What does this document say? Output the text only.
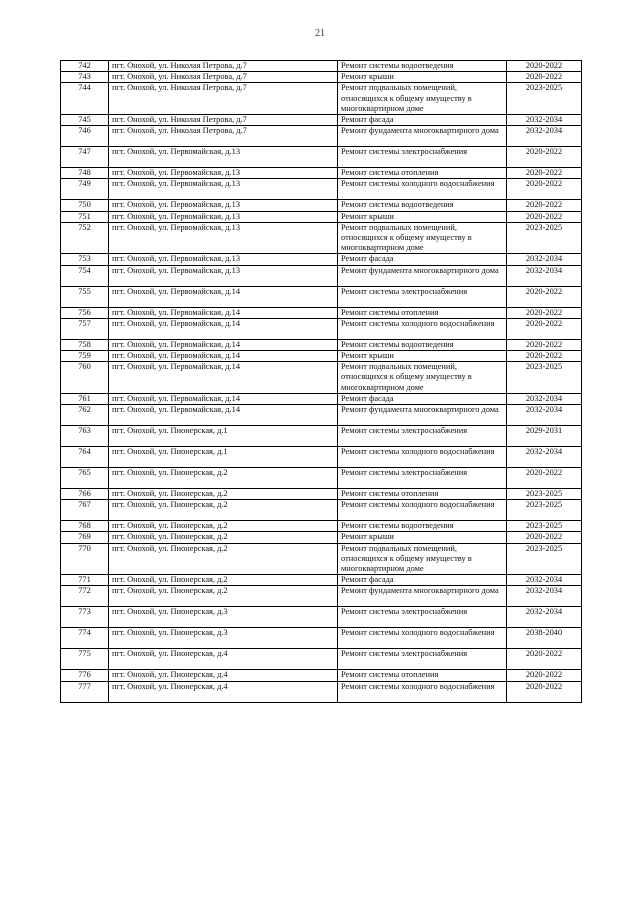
21
742	пгт. Онохой, ул. Николая Петрова, д.7	Ремонт системы водоотведения	2020-2022
743	пгт. Онохой, ул. Николая Петрова, д.7	Ремонт крыши	2020-2022
744	пгт. Онохой, ул. Николая Петрова, д.7	Ремонт подвальных помещений, относящихся к общему имуществу в многоквартирном доме	2023-2025
745	пгт. Онохой, ул. Николая Петрова, д.7	Ремонт фасада	2032-2034
746	пгт. Онохой, ул. Николая Петрова, д.7	Ремонт фундамента многоквартирного дома	2032-2034
747	пгт. Онохой, ул. Первомайская, д.13	Ремонт системы электроснабжения	2020-2022
748	пгт. Онохой, ул. Первомайская, д.13	Ремонт системы отопления	2020-2022
749	пгт. Онохой, ул. Первомайская, д.13	Ремонт системы холодного водоснабжения	2020-2022
750	пгт. Онохой, ул. Первомайская, д.13	Ремонт системы водоотведения	2020-2022
751	пгт. Онохой, ул. Первомайская, д.13	Ремонт крыши	2020-2022
752	пгт. Онохой, ул. Первомайская, д.13	Ремонт подвальных помещений, относящихся к общему имуществу в многоквартирном доме	2023-2025
753	пгт. Онохой, ул. Первомайская, д.13	Ремонт фасада	2032-2034
754	пгт. Онохой, ул. Первомайская, д.13	Ремонт фундамента многоквартирного дома	2032-2034
755	пгт. Онохой, ул. Первомайская, д.14	Ремонт системы электроснабжения	2020-2022
756	пгт. Онохой, ул. Первомайская, д.14	Ремонт системы отопления	2020-2022
757	пгт. Онохой, ул. Первомайская, д.14	Ремонт системы холодного водоснабжения	2020-2022
758	пгт. Онохой, ул. Первомайская, д.14	Ремонт системы водоотведения	2020-2022
759	пгт. Онохой, ул. Первомайская, д.14	Ремонт крыши	2020-2022
760	пгт. Онохой, ул. Первомайская, д.14	Ремонт подвальных помещений, относящихся к общему имуществу в многоквартирном доме	2023-2025
761	пгт. Онохой, ул. Первомайская, д.14	Ремонт фасада	2032-2034
762	пгт. Онохой, ул. Первомайская, д.14	Ремонт фундамента многоквартирного дома	2032-2034
763	пгт. Онохой, ул. Пионерская, д.1	Ремонт системы электроснабжения	2029-2031
764	пгт. Онохой, ул. Пионерская, д.1	Ремонт системы холодного водоснабжения	2032-2034
765	пгт. Онохой, ул. Пионерская, д.2	Ремонт системы электроснабжения	2020-2022
766	пгт. Онохой, ул. Пионерская, д.2	Ремонт системы отопления	2023-2025
767	пгт. Онохой, ул. Пионерская, д.2	Ремонт системы холодного водоснабжения	2023-2025
768	пгт. Онохой, ул. Пионерская, д.2	Ремонт системы водоотведения	2023-2025
769	пгт. Онохой, ул. Пионерская, д.2	Ремонт крыши	2020-2022
770	пгт. Онохой, ул. Пионерская, д.2	Ремонт подвальных помещений, относящихся к общему имуществу в многоквартирном доме	2023-2025
771	пгт. Онохой, ул. Пионерская, д.2	Ремонт фасада	2032-2034
772	пгт. Онохой, ул. Пионерская, д.2	Ремонт фундамента многоквартирного дома	2032-2034
773	пгт. Онохой, ул. Пионерская, д.3	Ремонт системы электроснабжения	2032-2034
774	пгт. Онохой, ул. Пионерская, д.3	Ремонт системы холодного водоснабжения	2038-2040
775	пгт. Онохой, ул. Пионерская, д.4	Ремонт системы электроснабжения	2020-2022
776	пгт. Онохой, ул. Пионерская, д.4	Ремонт системы отопления	2020-2022
777	пгт. Онохой, ул. Пионерская, д.4	Ремонт системы холодного водоснабжения	2020-2022
